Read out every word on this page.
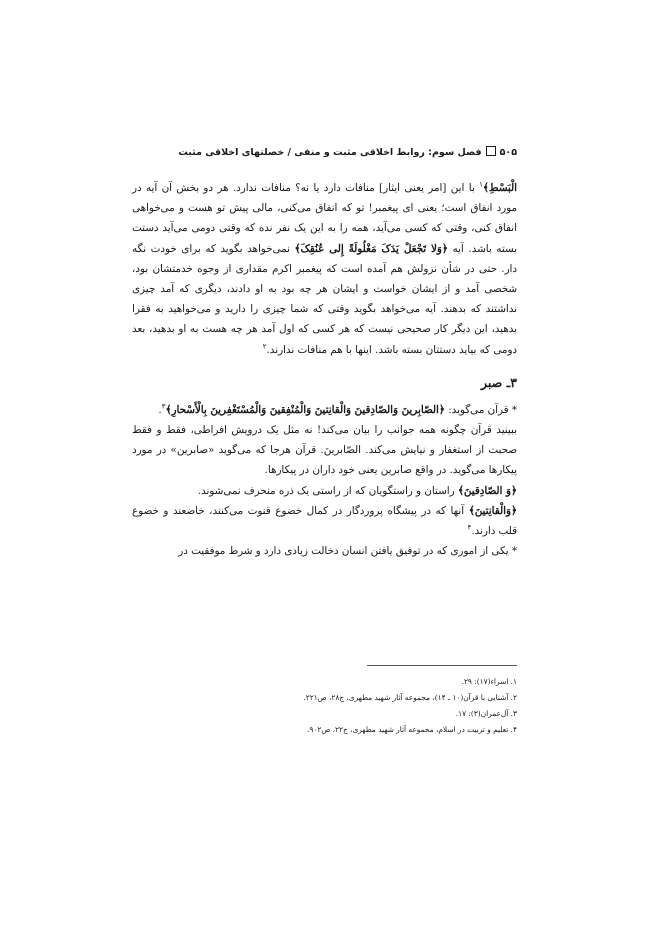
۵۰۵فصل سوم: روابط اخلاقی مثبت و منفی / خصلتهای اخلاقی مثبت

الْبَسْطِ﴾$^۱$ با این [امر یعنی ایثار] منافات دارد یا نه؟ منافات ندارد. هر دو بخش آن آیه در مورد انفاق است؛ یعنی ای پیغمبر! تو که انفاق می‌کنی، مالی پیش تو هست و می‌خواهی انفاق کنی، وقتی که کسی می‌آید، همه را به این یک نفر نده که وقتی دومی می‌آید دستت بسته باشد. آیه ﴿وَلا تَجْعَلْ یَدَکَ مَغْلُولَةً إِلی عُنُقِکَ﴾ نمی‌خواهد بگوید که برای خودت نگه دار. حتی در شأن نزولش هم آمده است که پیغمبر اکرم مقداری از وجوه خدمتشان بود، شخصی آمد و از ایشان خواست و ایشان هر چه بود به او دادند، دیگری که آمد چیزی نداشتند که بدهند. آیه می‌خواهد بگوید وقتی که شما چیزی را دارید و می‌خواهید به فقرا بدهید، این دیگر کار صحیحی نیست که هر کسی که اول آمد هر چه هست به او بدهید، بعد دومی که بیاید دستتان بسته باشد. اینها با هم منافات ندارند.$^۲$

۳ـ صبر

* قرآن می‌گوید: ﴿الصّابِرینَ وَالصّادِقینَ وَالْقانِتینَ وَالْمُنْفِقینَ وَالْمُسْتَغْفِرینَ بِالْأَسْحارِ﴾$^۳$.

ببینید قرآن چگونه همه جوانب را بیان می‌کند! نه مثل یک درویش افراطی، فقط و فقط صحبت از استغفار و نیایش می‌کند. الصّابرینَ. قرآن هرجا که می‌گوید «صابرین» در مورد پیکارها می‌گوید. در واقع صابرین یعنی خود داران در پیکارها.

﴿وَ الصّادِقینَ﴾ راستان و راستگویان که از راستی یک ذره منحرف نمی‌شوند.

﴿وَالْقانِتینَ﴾ آنها که در پیشگاه پروردگار در کمال خضوع قنوت می‌کنند، خاضعند و خضوع قلب دارند.$^۴$

* یکی از اموری که در توفیق یافتن انسان دخالت زیادی دارد و شرط موفقیت در

۱. اسراء(۱۷): ۲۹.

۲. آشنایی با قرآن(۱۰ ـ ۱۴)، مجموعه آثار شهید مطهری، ج۲۸، ص۲۲۱.

۳. آل‌عمران(۳): ۱۷.

۴. تعلیم و تربیت در اسلام، مجموعه آثار شهید مطهری، ج۲۲، ص۹۰۲.
